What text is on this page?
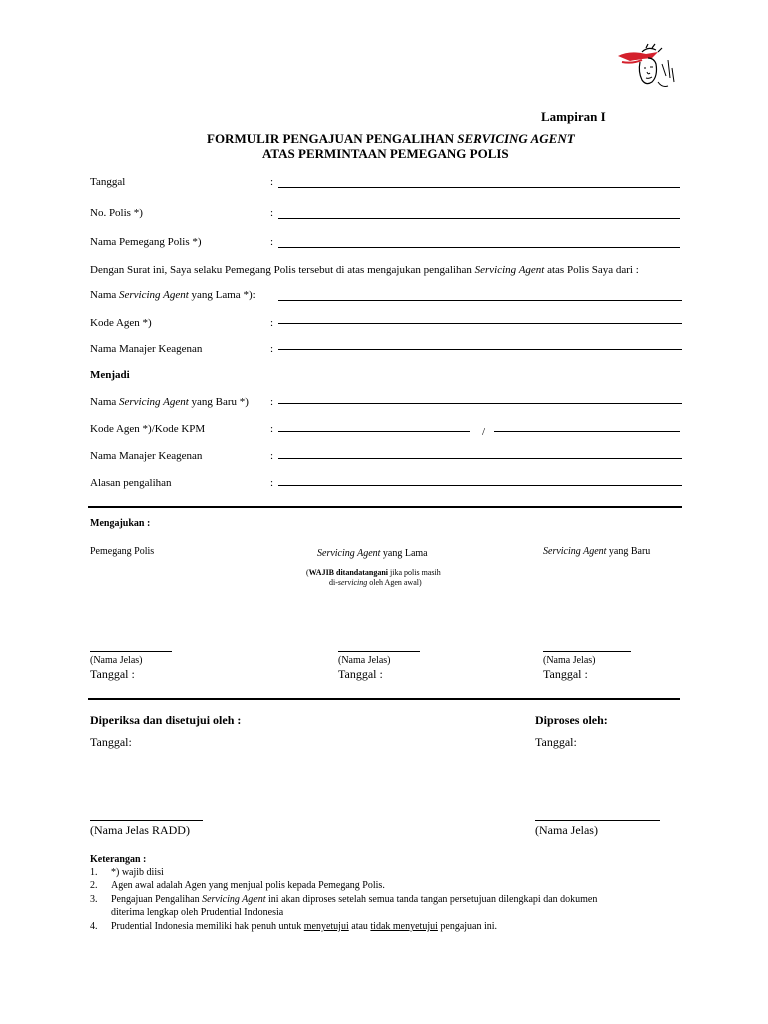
Lampiran I
FORMULIR PENGAJUAN PENGALIHAN SERVICING AGENT
ATAS PERMINTAAN PEMEGANG POLIS
Tanggal	:
No. Polis *)	:
Nama Pemegang Polis *)	:
Dengan Surat ini, Saya selaku Pemegang Polis tersebut di atas mengajukan pengalihan Servicing Agent atas Polis Saya dari :
Nama Servicing Agent yang Lama *):
Kode Agen *)	:
Nama Manajer Keagenan	:
Menjadi
Nama Servicing Agent yang Baru *) :
Kode Agen *)/Kode KPM	:	/
Nama Manajer Keagenan	:
Alasan pengalihan	:
Mengajukan :
Pemegang Polis	Servicing Agent yang Lama	Servicing Agent yang Baru
(WAJIB ditandatangani jika polis masih
di-servicing oleh Agen awal)
(Nama Jelas)	(Nama Jelas)	(Nama Jelas)
Tanggal :	Tanggal :	Tanggal :
Diperiksa dan disetujui oleh :	Diproses oleh:
Tanggal:	Tanggal:
(Nama Jelas RADD)	(Nama Jelas)
Keterangan :
1. *) wajib diisi
2. Agen awal adalah Agen yang menjual polis kepada Pemegang Polis.
3. Pengajuan Pengalihan Servicing Agent ini akan diproses setelah semua tanda tangan persetujuan dilengkapi dan dokumen
diterima lengkap oleh Prudential Indonesia
4. Prudential Indonesia memiliki hak penuh untuk menyetujui atau tidak menyetujui pengajuan ini.
